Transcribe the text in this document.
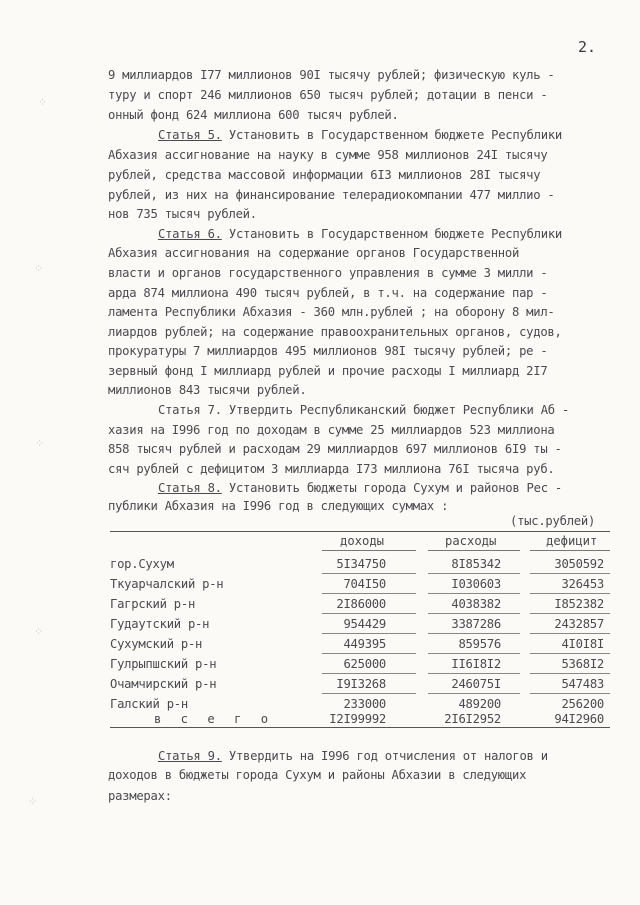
2.
⁘
⁘
⁘
⁘
⁘
9 миллиардов I77 миллионов 90I тысячу рублей; физическую куль -
туру и спорт 246 миллионов 650 тысяч рублей; дотации в пенси -
онный фонд 624 миллиона 600 тысяч рублей.
Статья 5. Установить в Государственном бюджете Республики
Абхазия ассигнование на науку в сумме 958 миллионов 24I тысячу
рублей, средства массовой информации 6I3 миллионов 28I тысячу
рублей, из них на финансирование телерадиокомпании 477 миллио -
нов 735 тысяч рублей.
Статья 6. Установить в Государственном бюджете Республики
Абхазия ассигнования на содержание органов Государственной
власти и органов государственного управления в сумме 3 милли -
арда 874 миллиона 490 тысяч рублей, в т.ч. на содержание пар -
ламента Республики Абхазия - 360 млн.рублей ; на оборону 8 мил-
лиардов рублей; на содержание правоохранительных органов, судов,
прокуратуры 7 миллиардов 495 миллионов 98I тысячу рублей; ре -
зервный фонд I миллиард рублей и прочие расходы I миллиард 2I7
миллионов 843 тысячи рублей.
Статья 7. Утвердить Республиканский бюджет Республики Аб -
хазия на I996 год по доходам в сумме 25 миллиардов 523 миллиона
858 тысяч рублей и расходам 29 миллиардов 697 миллионов 6I9 ты -
сяч рублей с дефицитом 3 миллиарда I73 миллиона 76I тысяча руб.
Статья 8. Установить бюджеты города Сухум и районов Рес -
публики Абхазия на I996 год в следующих суммах :
(тыс.рублей)
доходы	расходы	дефицит
гор.Сухум	5I34750	8I85342	3050592
Ткуарчалский р-н	704I50	I030603	326453
Гагрский р-н	2I86000	4038382	I852382
Гудаутский р-н	954429	3387286	2432857
Сухумский р-н	449395	859576	4I0I8I
Гулрыпшский р-н	625000	II6I8I2	5368I2
Очамчирский р-н	I9I3268	246075I	547483
Галский р-н	233000	489200	256200
в с е г о	I2I99992	2I6I2952	94I2960
Статья 9. Утвердить на I996 год отчисления от налогов и
доходов в бюджеты города Сухум и районы Абхазии в следующих
размерах:
